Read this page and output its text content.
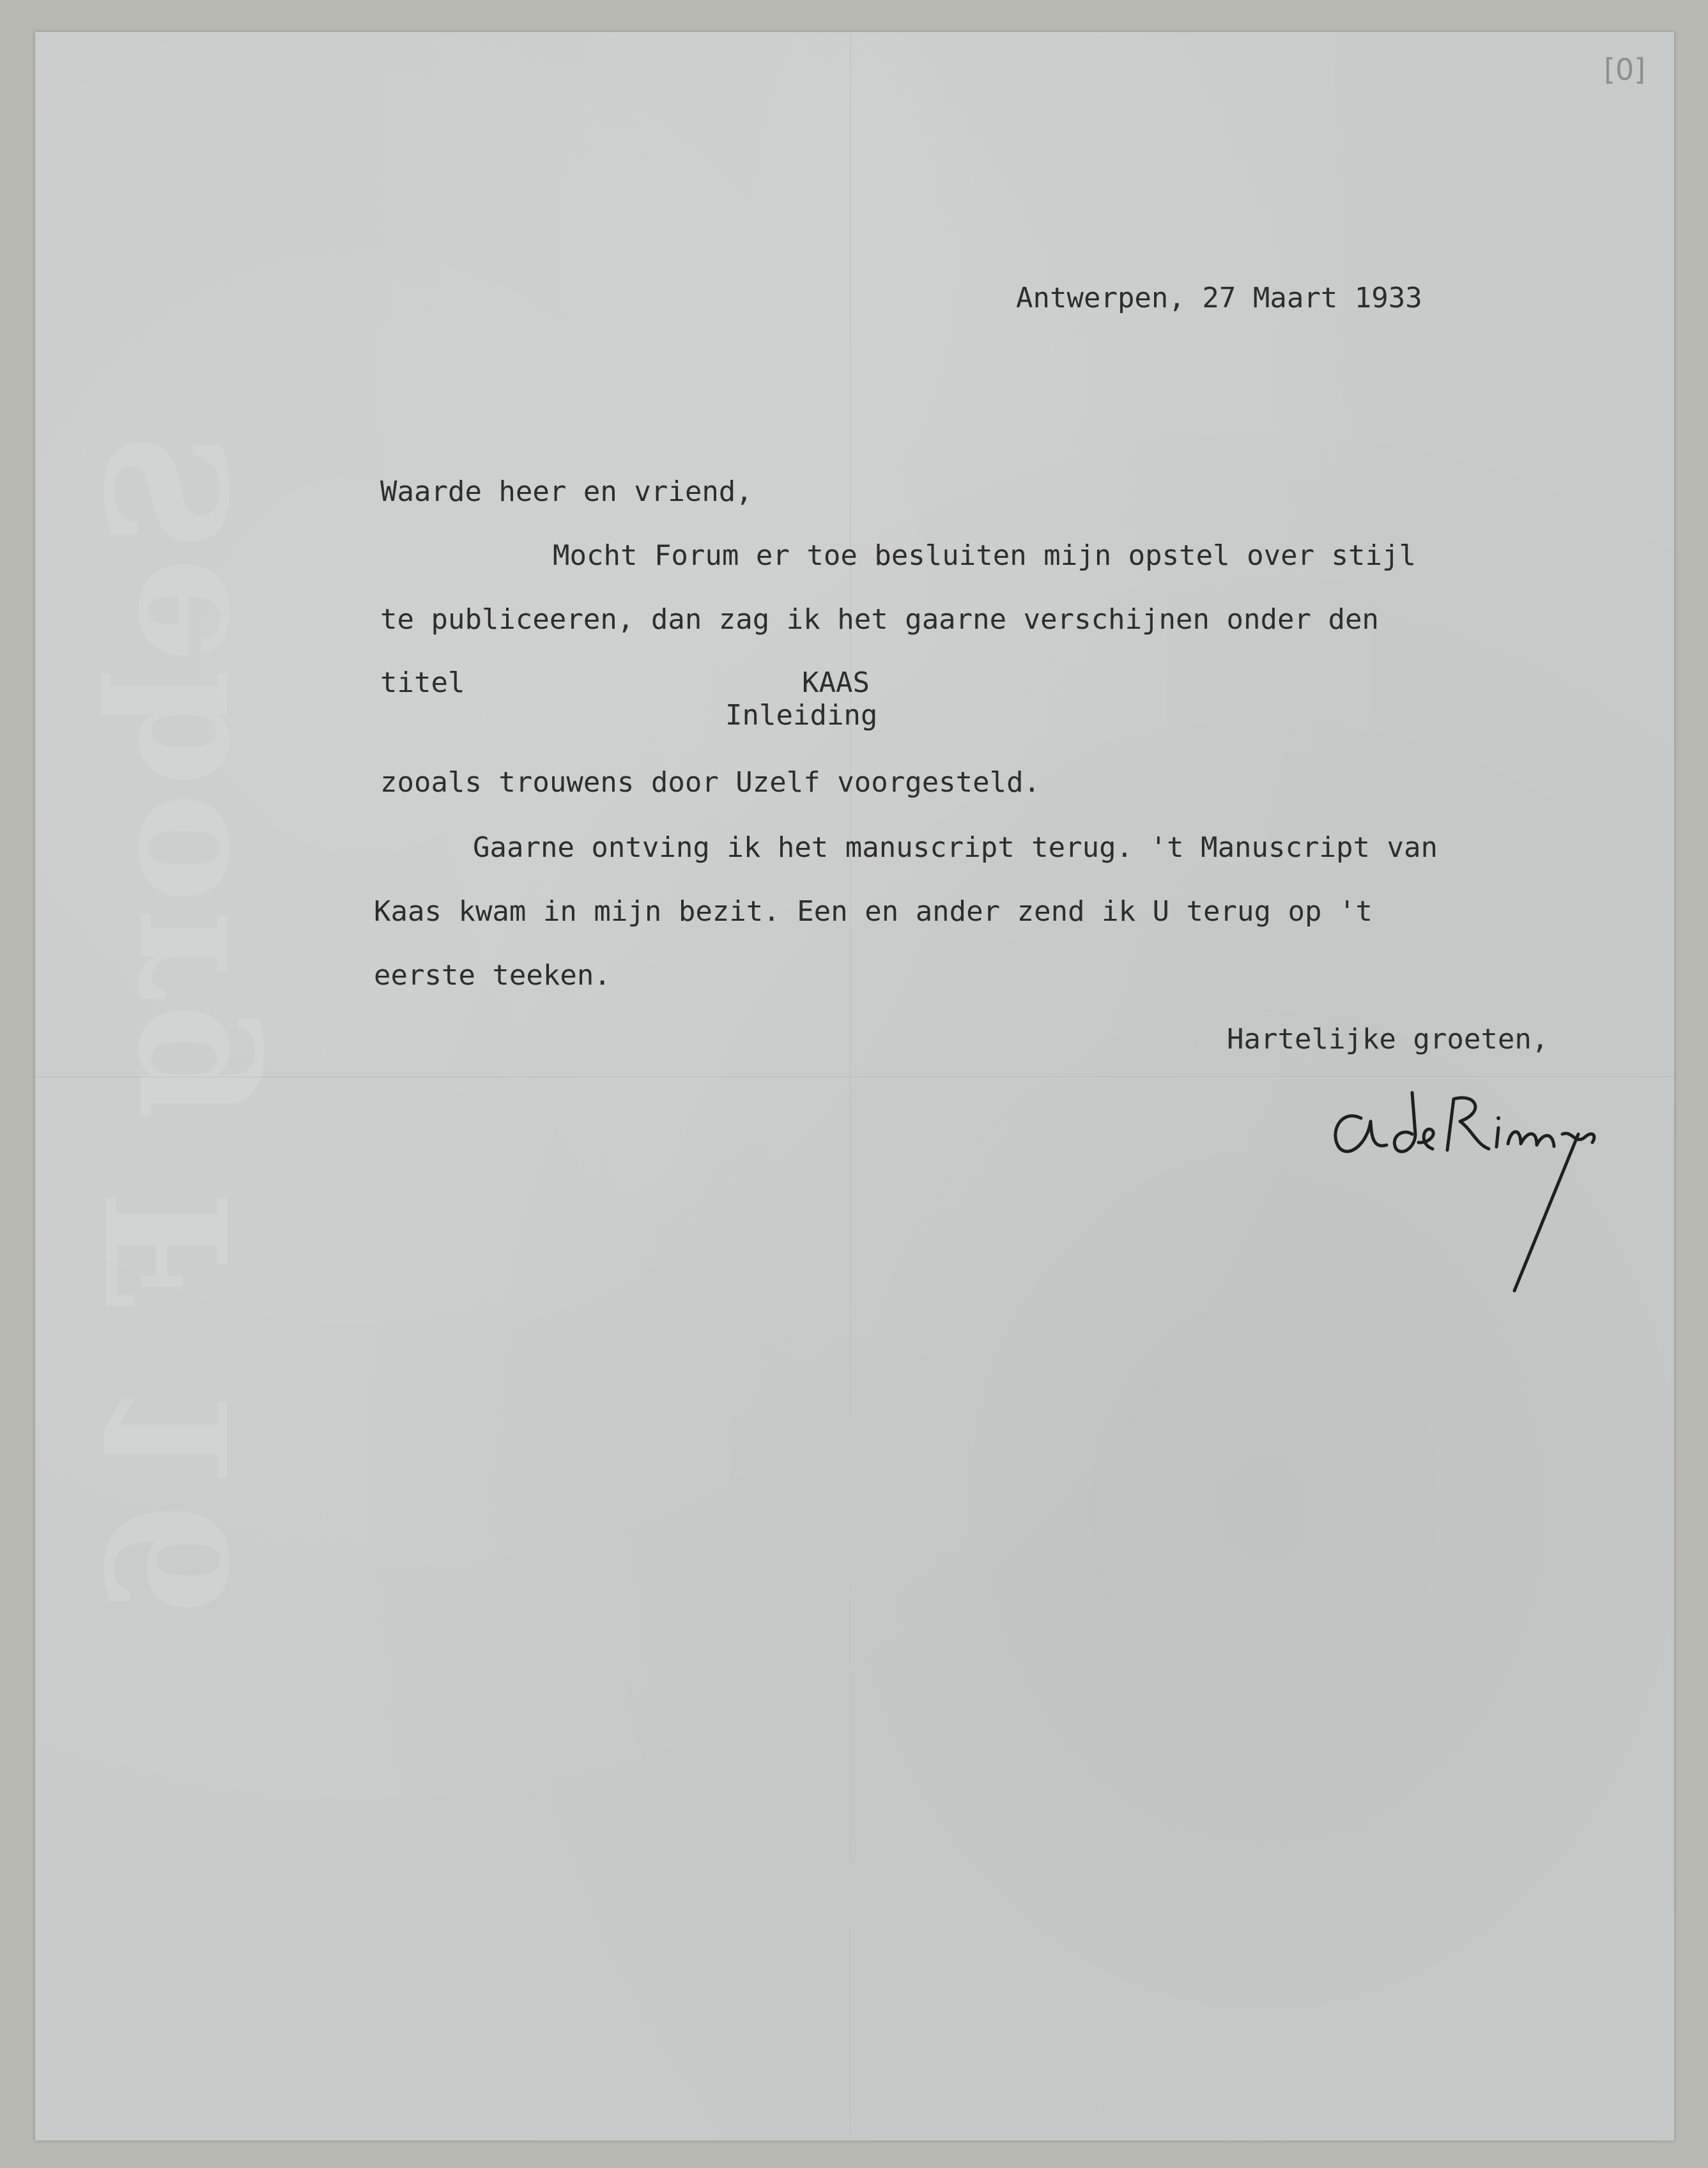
[0]

Seborg F 16

Antwerpen, 27 Maart 1933

Waarde heer en vriend,

Mocht Forum er toe besluiten mijn opstel over stijl

te publiceeren, dan zag ik het gaarne verschijnen onder den

titel	KAAS

Inleiding

zooals trouwens door Uzelf voorgesteld.

Gaarne ontving ik het manuscript terug. 't Manuscript van

Kaas kwam in mijn bezit. Een en ander zend ik U terug op 't

eerste teeken.

Hartelijke groeten,
